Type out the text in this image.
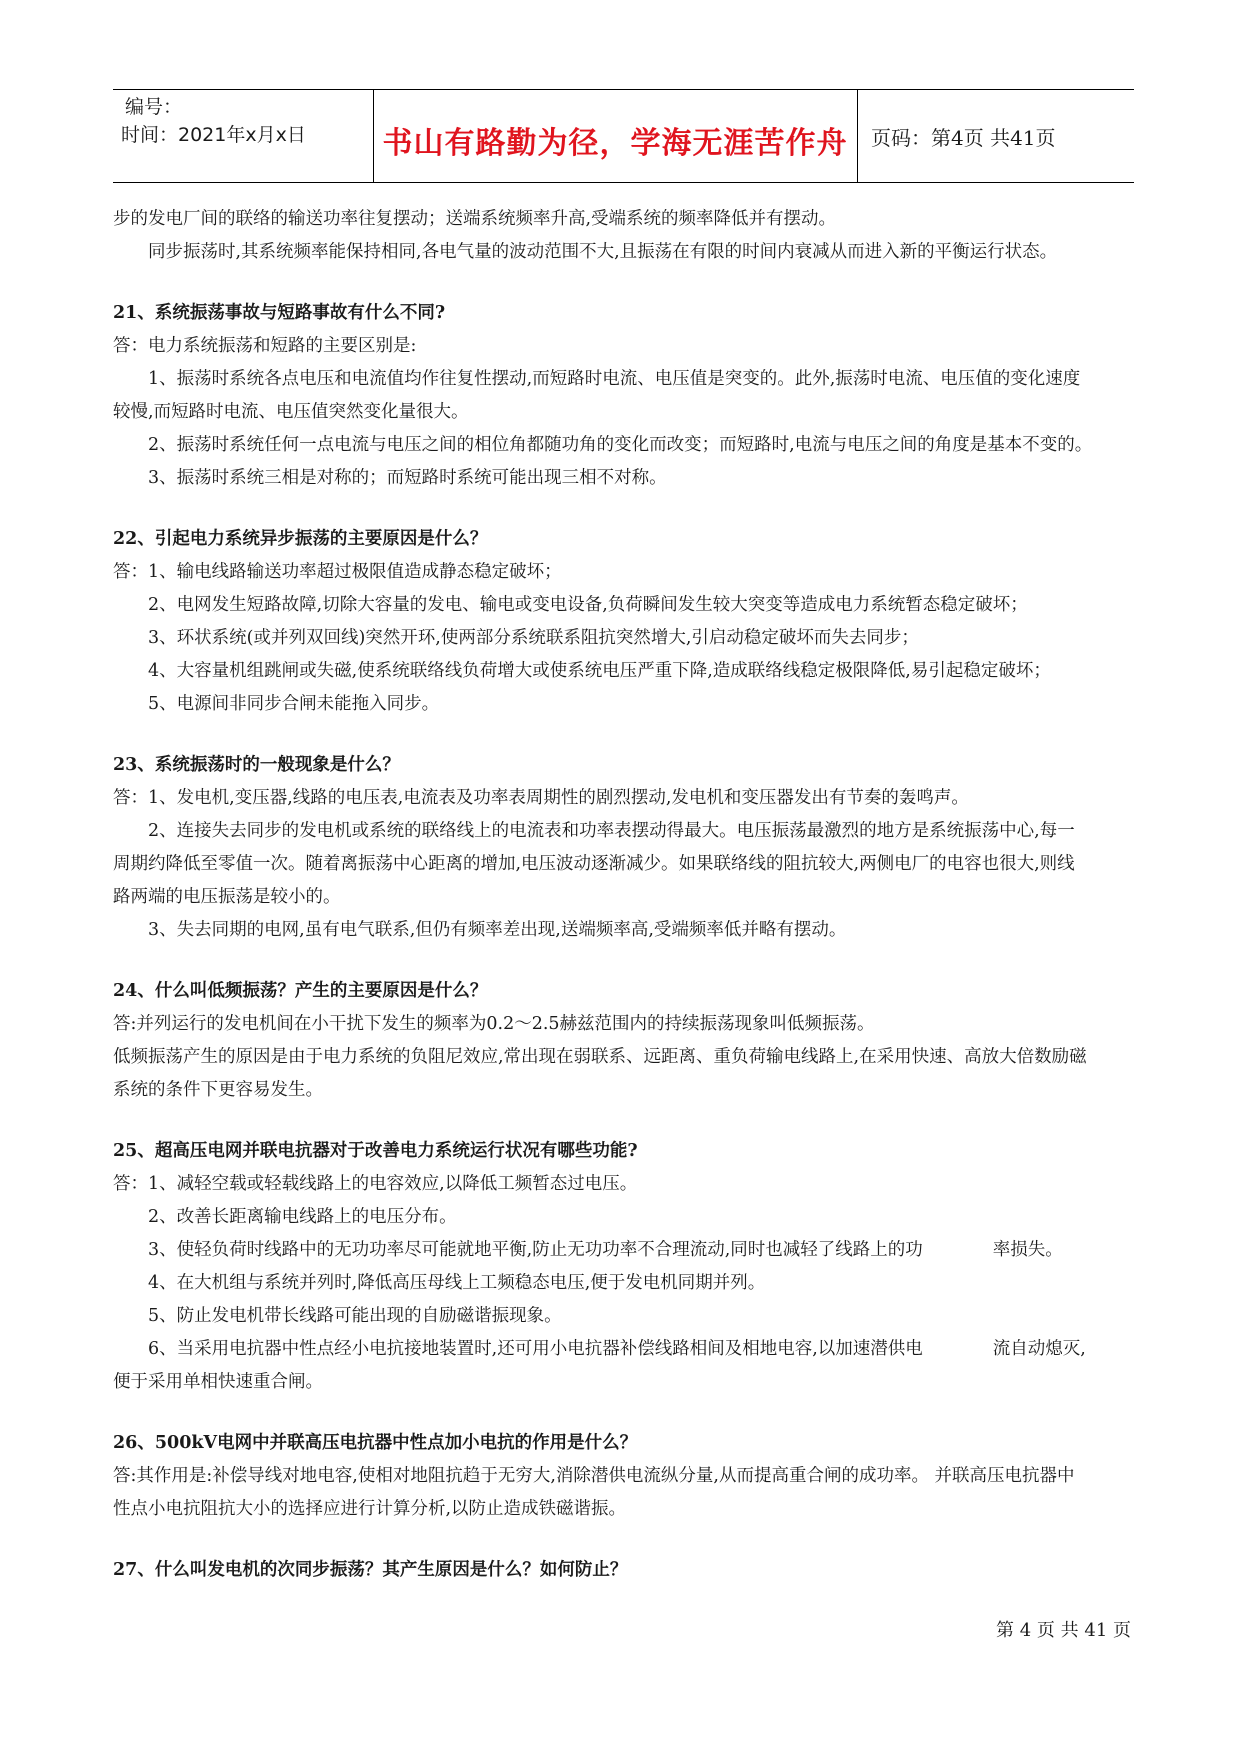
编号：
时间：2021年x月x日	书山有路勤为径，学海无涯苦作舟	页码：第4页 共41页
步的发电厂间的联络的输送功率往复摆动；送端系统频率升高,受端系统的频率降低并有摆动。
同步振荡时,其系统频率能保持相同,各电气量的波动范围不大,且振荡在有限的时间内衰减从而进入新的平衡运行状态。
21、系统振荡事故与短路事故有什么不同?
答：电力系统振荡和短路的主要区别是:
1、振荡时系统各点电压和电流值均作往复性摆动,而短路时电流、电压值是突变的。此外,振荡时电流、电压值的变化速度
较慢,而短路时电流、电压值突然变化量很大。
2、振荡时系统任何一点电流与电压之间的相位角都随功角的变化而改变；而短路时,电流与电压之间的角度是基本不变的。
3、振荡时系统三相是对称的；而短路时系统可能出现三相不对称。
22、引起电力系统异步振荡的主要原因是什么？
答：1、输电线路输送功率超过极限值造成静态稳定破坏；
2、电网发生短路故障,切除大容量的发电、输电或变电设备,负荷瞬间发生较大突变等造成电力系统暂态稳定破坏；
3、环状系统(或并列双回线)突然开环,使两部分系统联系阻抗突然增大,引启动稳定破坏而失去同步；
4、大容量机组跳闸或失磁,使系统联络线负荷增大或使系统电压严重下降,造成联络线稳定极限降低,易引起稳定破坏；
5、电源间非同步合闸未能拖入同步。
23、系统振荡时的一般现象是什么？
答：1、发电机,变压器,线路的电压表,电流表及功率表周期性的剧烈摆动,发电机和变压器发出有节奏的轰鸣声。
2、连接失去同步的发电机或系统的联络线上的电流表和功率表摆动得最大。电压振荡最激烈的地方是系统振荡中心,每一
周期约降低至零值一次。随着离振荡中心距离的增加,电压波动逐渐减少。如果联络线的阻抗较大,两侧电厂的电容也很大,则线
路两端的电压振荡是较小的。
3、失去同期的电网,虽有电气联系,但仍有频率差出现,送端频率高,受端频率低并略有摆动。
24、什么叫低频振荡？产生的主要原因是什么？
答:并列运行的发电机间在小干扰下发生的频率为0.2～2.5赫兹范围内的持续振荡现象叫低频振荡。
低频振荡产生的原因是由于电力系统的负阻尼效应,常出现在弱联系、远距离、重负荷输电线路上,在采用快速、高放大倍数励磁
系统的条件下更容易发生。
25、超高压电网并联电抗器对于改善电力系统运行状况有哪些功能?
答：1、减轻空载或轻载线路上的电容效应,以降低工频暂态过电压。
2、改善长距离输电线路上的电压分布。
3、使轻负荷时线路中的无功功率尽可能就地平衡,防止无功功率不合理流动,同时也减轻了线路上的功　　　　率损失。
4、在大机组与系统并列时,降低高压母线上工频稳态电压,便于发电机同期并列。
5、防止发电机带长线路可能出现的自励磁谐振现象。
6、当采用电抗器中性点经小电抗接地装置时,还可用小电抗器补偿线路相间及相地电容,以加速潜供电　　　　流自动熄灭,
便于采用单相快速重合闸。
26、500kV电网中并联高压电抗器中性点加小电抗的作用是什么？
答:其作用是:补偿导线对地电容,使相对地阻抗趋于无穷大,消除潜供电流纵分量,从而提高重合闸的成功率。 并联高压电抗器中
性点小电抗阻抗大小的选择应进行计算分析,以防止造成铁磁谐振。
27、什么叫发电机的次同步振荡？其产生原因是什么？如何防止？
第 4 页 共 41 页
